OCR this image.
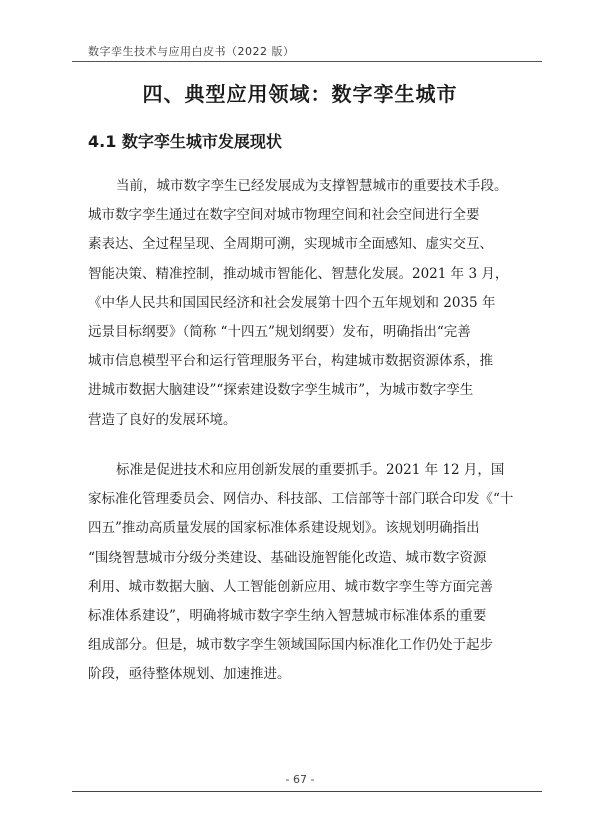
数字孪生技术与应用白皮书（2022 版）
四、典型应用领域：数字孪生城市
4.1 数字孪生城市发展现状
当前，城市数字孪生已经发展成为支撑智慧城市的重要技术手段。
城市数字孪生通过在数字空间对城市物理空间和社会空间进行全要
素表达、全过程呈现、全周期可溯，实现城市全面感知、虚实交互、
智能决策、精准控制，推动城市智能化、智慧化发展。2021 年 3 月，
《中华人民共和国国民经济和社会发展第十四个五年规划和 2035 年
远景目标纲要》（简称 “十四五”规划纲要）发布，明确指出“完善
城市信息模型平台和运行管理服务平台，构建城市数据资源体系，推
进城市数据大脑建设”“探索建设数字孪生城市”，为城市数字孪生
营造了良好的发展环境。
标准是促进技术和应用创新发展的重要抓手。2021 年 12 月，国
家标准化管理委员会、网信办、科技部、工信部等十部门联合印发《“十
四五”推动高质量发展的国家标准体系建设规划》。该规划明确指出
“围绕智慧城市分级分类建设、基础设施智能化改造、城市数字资源
利用、城市数据大脑、人工智能创新应用、城市数字孪生等方面完善
标准体系建设”，明确将城市数字孪生纳入智慧城市标准体系的重要
组成部分。但是，城市数字孪生领域国际国内标准化工作仍处于起步
阶段，亟待整体规划、加速推进。
- 67 -
